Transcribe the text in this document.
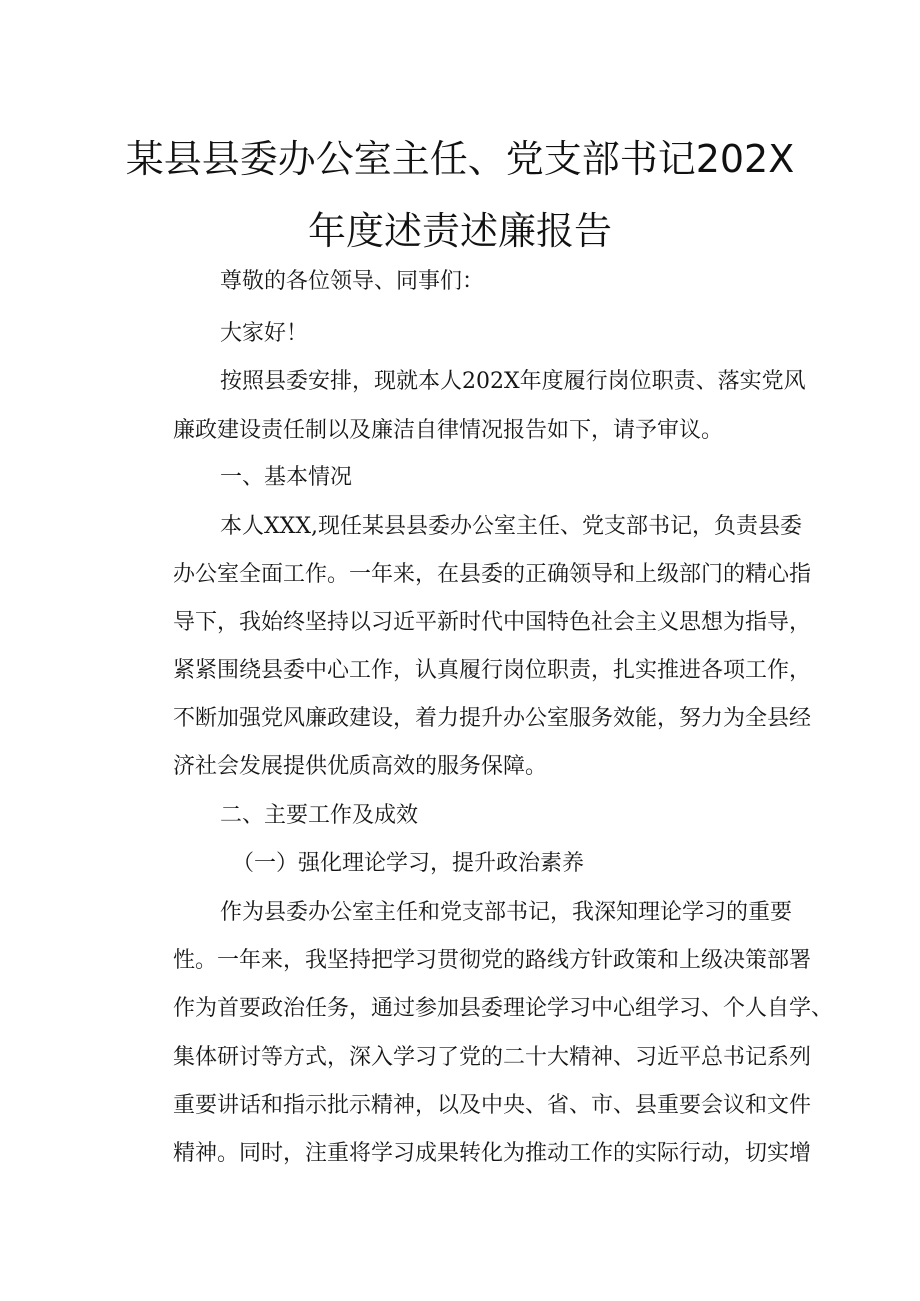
某县县委办公室主任、党支部书记202X
年度述责述廉报告
尊敬的各位领导、同事们：
大家好！
按照县委安排，现就本人202X年度履行岗位职责、落实党风
廉政建设责任制以及廉洁自律情况报告如下，请予审议。
一、基本情况
本人XXX,现任某县县委办公室主任、党支部书记，负责县委
办公室全面工作。一年来，在县委的正确领导和上级部门的精心指
导下，我始终坚持以习近平新时代中国特色社会主义思想为指导，
紧紧围绕县委中心工作，认真履行岗位职责，扎实推进各项工作，
不断加强党风廉政建设，着力提升办公室服务效能，努力为全县经
济社会发展提供优质高效的服务保障。
二、主要工作及成效
（一）强化理论学习，提升政治素养
作为县委办公室主任和党支部书记，我深知理论学习的重要
性。一年来，我坚持把学习贯彻党的路线方针政策和上级决策部署
作为首要政治任务，通过参加县委理论学习中心组学习、个人自学、
集体研讨等方式，深入学习了党的二十大精神、习近平总书记系列
重要讲话和指示批示精神，以及中央、省、市、县重要会议和文件
精神。同时，注重将学习成果转化为推动工作的实际行动，切实增
